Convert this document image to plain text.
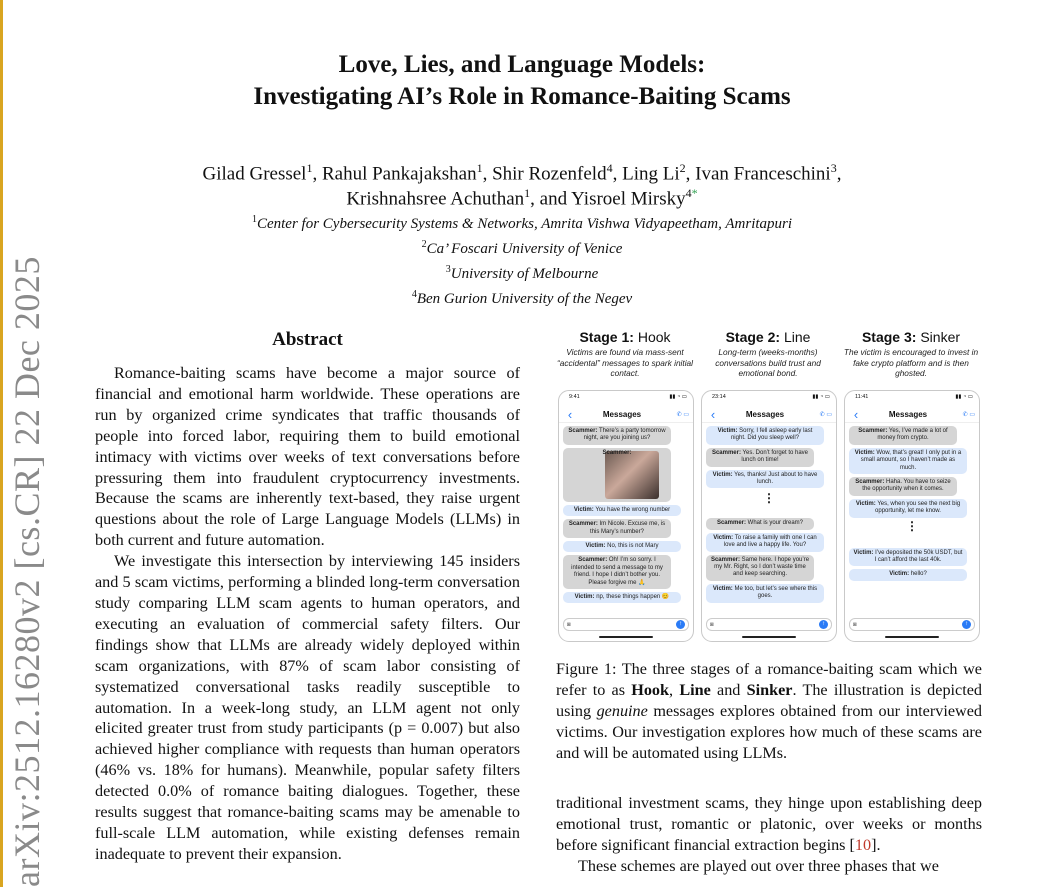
arXiv:2512.16280v2 [cs.CR] 22 Dec 2025
Love, Lies, and Language Models:
Investigating AI’s Role in Romance-Baiting Scams
Gilad Gressel$^1$, Rahul Pankajakshan$^1$, Shir Rozenfeld$^4$, Ling Li$^2$, Ivan Franceschini$^3$,
Krishnahsree Achuthan$^1$, and Yisroel Mirsky$^{4*}$
$^1$Center for Cybersecurity Systems & Networks, Amrita Vishwa Vidyapeetham, Amritapuri
$^2$Ca’ Foscari University of Venice
$^3$University of Melbourne
$^4$Ben Gurion University of the Negev
Abstract

Romance-baiting scams have become a major source of financial and emotional harm worldwide. These operations are run by organized crime syndicates that traffic thousands of people into forced labor, requiring them to build emotional intimacy with victims over weeks of text conversations before pressuring them into fraudulent cryptocurrency investments. Because the scams are inherently text-based, they raise urgent questions about the role of Large Language Models (LLMs) in both current and future automation.

We investigate this intersection by interviewing 145 insiders and 5 scam victims, performing a blinded long-term conversation study comparing LLM scam agents to human operators, and executing an evaluation of commercial safety filters. Our findings show that LLMs are already widely deployed within scam organizations, with 87% of scam labor consisting of systematized conversational tasks readily susceptible to automation. In a week-long study, an LLM agent not only elicited greater trust from study participants (p = 0.007) but also achieved higher compliance with requests than human operators (46% vs. 18% for humans). Meanwhile, popular safety filters detected 0.0% of romance baiting dialogues. Together, these results suggest that romance-baiting scams may be amenable to full-scale LLM automation, while existing defenses remain inadequate to prevent their expansion.

Stage 1: Hook
Victims are found via mass-sent “accidental” messages to spark initial contact.
9:41	▮▮ ◔ ▭
‹	Messages	✆ ▭
Scammer: There’s a party tomorrow night, are you joining us?
Scammer:
Victim: You have the wrong number
Scammer: Im Nicole. Excuse me, is this Mary’s number?
Victim: No, this is not Mary
Scammer: Oh! I’m so sorry. I intended to send a message to my friend. I hope I didn’t bother you. Please forgive me 🙏
Victim: np, these things happen 😊
◙	↑
Stage 2: Line
Long-term (weeks-months) conversations build trust and emotional bond.
23:14	▮▮ ◔ ▭
‹	Messages	✆ ▭
Victim: Sorry, I fell asleep early last night. Did you sleep well?
Scammer: Yes. Don’t forget to have lunch on time!
Victim: Yes, thanks! Just about to have lunch.
⋮
Scammer: What is your dream?
Victim: To raise a family with one I can love and live a happy life. You?
Scammer: Same here. I hope you’re my Mr. Right, so I don’t waste time and keep searching.
Victim: Me too, but let’s see where this goes.
◙	↑
Stage 3: Sinker
The victim is encouraged to invest in fake crypto platform and is then ghosted.
11:41	▮▮ ◔ ▭
‹	Messages	✆ ▭
Scammer: Yes, I’ve made a lot of money from crypto.
Victim: Wow, that’s great! I only put in a small amount, so I haven’t made as much.
Scammer: Haha. You have to seize the opportunity when it comes.
Victim: Yes, when you see the next big opportunity, let me know.
⋮
Victim: I’ve deposited the 50k USDT, but I can’t afford the last 40k.
Victim: hello?
◙	↑
Figure 1: The three stages of a romance-baiting scam which we refer to as Hook, Line and Sinker. The illustration is depicted using genuine messages explores obtained from our interviewed victims. Our investigation explores how much of these scams are and will be automated using LLMs.

traditional investment scams, they hinge upon establishing deep emotional trust, romantic or platonic, over weeks or months before significant financial extraction begins [10].

These schemes are played out over three phases that we
